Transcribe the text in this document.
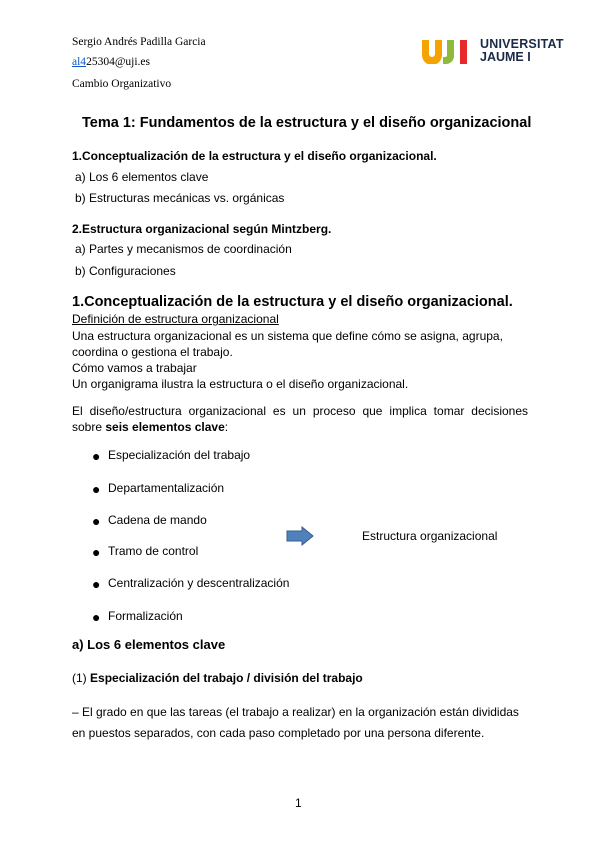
Sergio Andrés Padilla Garcia
al425304@uji.es
Cambio Organizativo
UNIVERSITAT
JAUME I
Tema 1: Fundamentos de la estructura y el diseño organizacional
1.Conceptualización de la estructura y el diseño organizacional.
a) Los 6 elementos clave
b) Estructuras mecánicas vs. orgánicas
2.Estructura organizacional según Mintzberg.
a) Partes y mecanismos de coordinación
b) Configuraciones
1.Conceptualización de la estructura y el diseño organizacional.
Definición de estructura organizacional
Una estructura organizacional es un sistema que define cómo se asigna, agrupa,
coordina o gestiona el trabajo.
Cómo vamos a trabajar
Un organigrama ilustra la estructura o el diseño organizacional.
El diseño/estructura organizacional es un proceso que implica tomar decisiones
sobre seis elementos clave:
● Especialización del trabajo
● Departamentalización
● Cadena de mando
● Tramo de control
● Centralización y descentralización
● Formalización
Estructura organizacional
a) Los 6 elementos clave
(1) Especialización del trabajo / división del trabajo
– El grado en que las tareas (el trabajo a realizar) en la organización están divididas
en puestos separados, con cada paso completado por una persona diferente.
1
